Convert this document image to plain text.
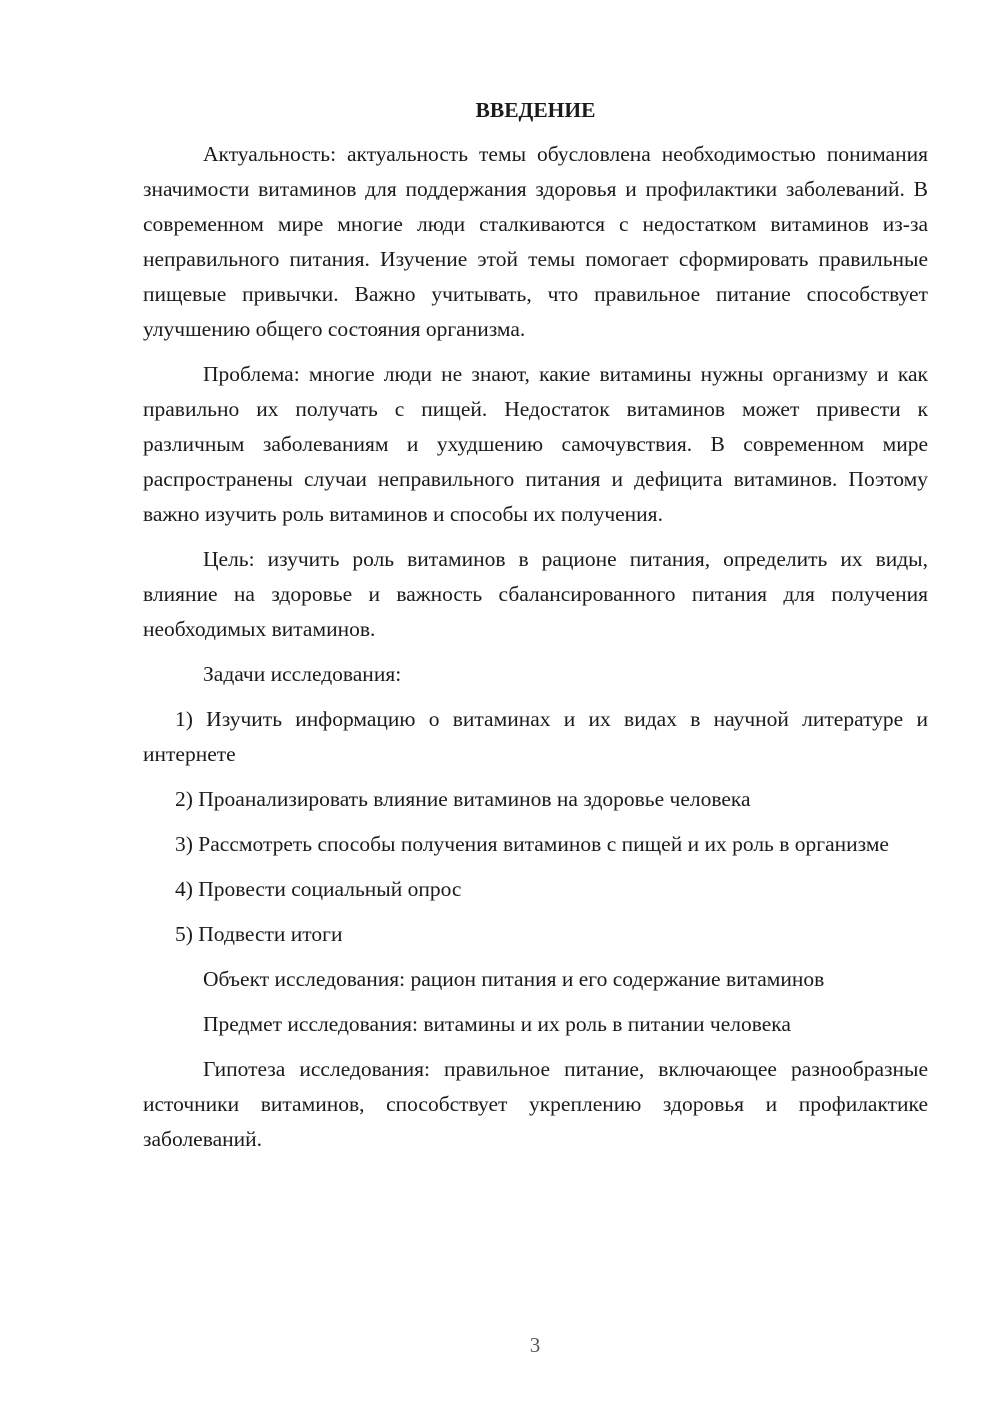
ВВЕДЕНИЕ

Актуальность: актуальность темы обусловлена необходимостью понимания значимости витаминов для поддержания здоровья и профилактики заболеваний. В современном мире многие люди сталкиваются с недостатком витаминов из-за неправильного питания. Изучение этой темы помогает сформировать правильные пищевые привычки. Важно учитывать, что правильное питание способствует улучшению общего состояния организма.

Проблема: многие люди не знают, какие витамины нужны организму и как правильно их получать с пищей. Недостаток витаминов может привести к различным заболеваниям и ухудшению самочувствия. В современном мире распространены случаи неправильного питания и дефицита витаминов. Поэтому важно изучить роль витаминов и способы их получения.

Цель: изучить роль витаминов в рационе питания, определить их виды, влияние на здоровье и важность сбалансированного питания для получения необходимых витаминов.

Задачи исследования:

1) Изучить информацию о витаминах и их видах в научной литературе и интернете

2) Проанализировать влияние витаминов на здоровье человека

3) Рассмотреть способы получения витаминов с пищей и их роль в организме

4) Провести социальный опрос

5) Подвести итоги

Объект исследования: рацион питания и его содержание витаминов

Предмет исследования: витамины и их роль в питании человека

Гипотеза исследования: правильное питание, включающее разнообразные источники витаминов, способствует укреплению здоровья и профилактике заболеваний.

3
